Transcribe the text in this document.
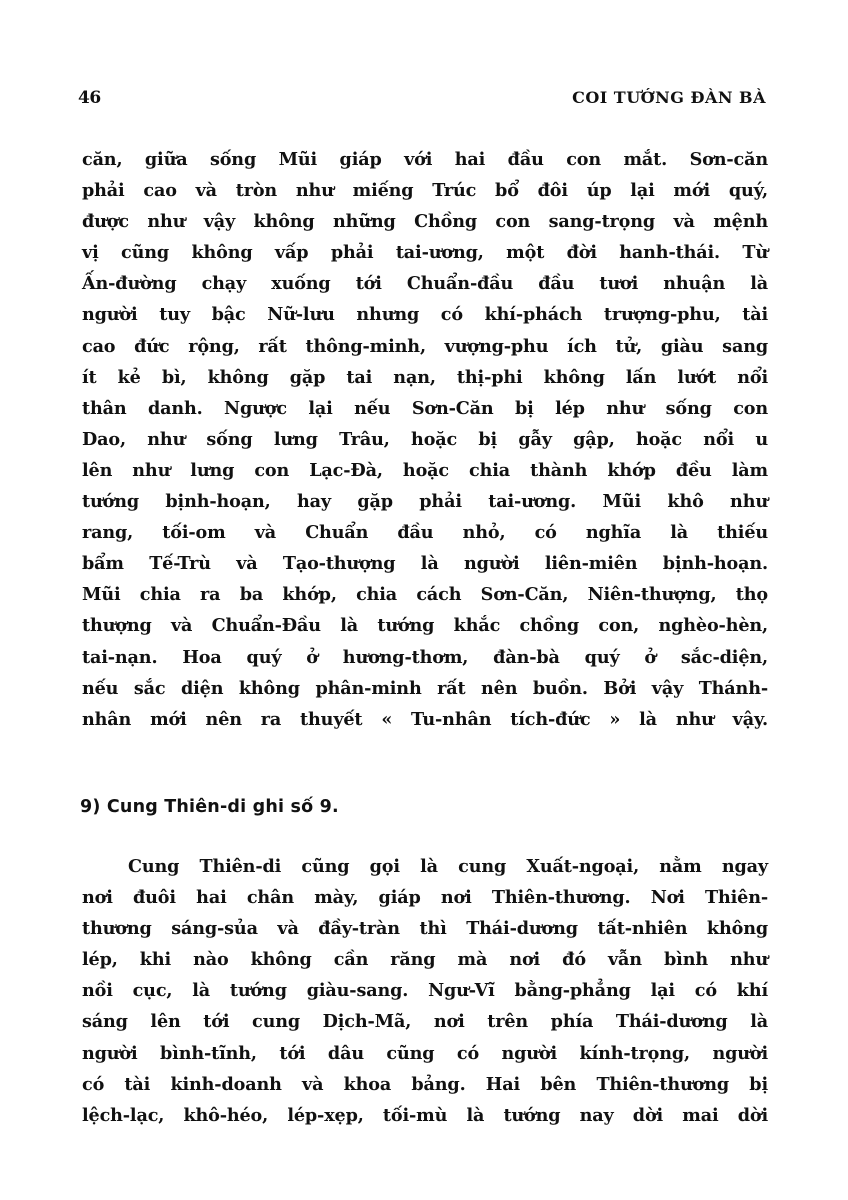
46	COI TƯỚNG ĐÀN BÀ
căn, giữa sống Mũi giáp với hai đầu con mắt. Sơn-căn
phải cao và tròn như miếng Trúc bổ đôi úp lại mới quý,
được như vậy không những Chồng con sang-trọng và mệnh
vị cũng không vấp phải tai-ương, một đời hanh-thái. Từ
Ấn-đường chạy xuống tới Chuẩn-đầu đầu tươi nhuận là
người tuy bậc Nữ-lưu nhưng có khí-phách trượng-phu, tài
cao đức rộng, rất thông-minh, vượng-phu ích tử, giàu sang
ít kẻ bì, không gặp tai nạn, thị-phi không lấn lướt nổi
thân danh. Ngược lại nếu Sơn-Căn bị lép như sống con
Dao, như sống lưng Trâu, hoặc bị gẫy gập, hoặc nổi u
lên như lưng con Lạc-Đà, hoặc chia thành khớp đều làm
tướng bịnh-hoạn, hay gặp phải tai-ương. Mũi khô như
rang, tối-om và Chuẩn đầu nhỏ, có nghĩa là thiếu
bẩm Tế-Trù và Tạo-thượng là người liên-miên bịnh-hoạn.
Mũi chia ra ba khớp, chia cách Sơn-Căn, Niên-thượng, thọ
thượng và Chuẩn-Đầu là tướng khắc chồng con, nghèo-hèn,
tai-nạn. Hoa quý ở hương-thơm, đàn-bà quý ở sắc-diện,
nếu sắc diện không phân-minh rất nên buồn. Bởi vậy Thánh-
nhân mới nên ra thuyết « Tu-nhân tích-đức » là như vậy.
9) Cung Thiên-di ghi số 9.
Cung Thiên-di cũng gọi là cung Xuất-ngoại, nằm ngay
nơi đuôi hai chân mày, giáp nơi Thiên-thương. Nơi Thiên-
thương sáng-sủa và đầy-tràn thì Thái-dương tất-nhiên không
lép, khi nào không cần răng mà nơi đó vẫn bình như
nồi cục, là tướng giàu-sang. Ngư-Vĩ bằng-phẳng lại có khí
sáng lên tới cung Dịch-Mã, nơi trên phía Thái-dương là
người bình-tĩnh, tới dâu cũng có người kính-trọng, người
có tài kinh-doanh và khoa bảng. Hai bên Thiên-thương bị
lệch-lạc, khô-héo, lép-xẹp, tối-mù là tướng nay dời mai dời
